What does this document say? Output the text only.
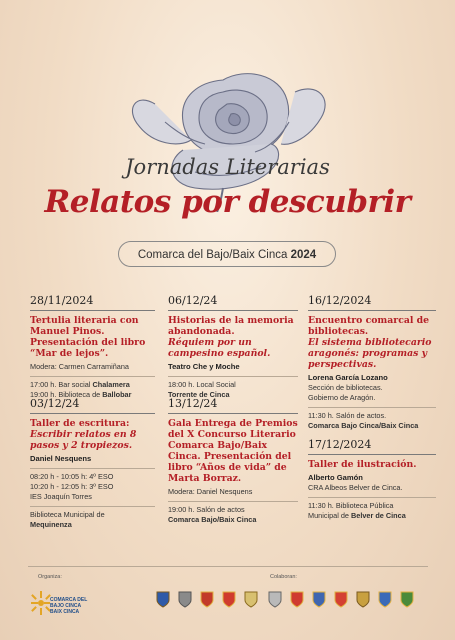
Jornadas Literarias
Relatos por descubrir
Comarca del Bajo/Baix Cinca 2024
28/11/2024
Tertulia literaria con Manuel Pinos. Presentación del libro “Mar de lejos”.
Modera: Carmen Carramiñana
17:00 h. Bar social Chalamera
19:00 h. Biblioteca de Ballobar
03/12/24
Taller de escritura:
Escribir relatos en 8 pasos y 2 tropiezos.
Daniel Nesquens
08:20 h - 10:05 h: 4º ESO
10:20 h - 12:05 h: 3º ESO
IES Joaquín Torres
Biblioteca Municipal de
Mequinenza
06/12/24
Historias de la memoria abandonada.
Réquiem por un campesino español.
Teatro Che y Moche
18:00 h. Local Social
Torrente de Cinca
13/12/24
Gala Entrega de Premios del X Concurso Literario Comarca Bajo/Baix Cinca. Presentación del libro “Años de vida” de Marta Borraz.
Modera: Daniel Nesquens
19:00 h. Salón de actos
Comarca Bajo/Baix Cinca
16/12/2024
Encuentro comarcal de bibliotecas.
El sistema bibliotecario aragonés: programas y perspectivas.
Lorena García Lozano
Sección de bibliotecas.
Gobierno de Aragón.
11:30 h. Salón de actos.
Comarca Bajo Cinca/Baix Cinca
17/12/2024
Taller de ilustración.
Alberto Gamón
CRA Albeos Belver de Cinca.
11:30 h. Biblioteca Pública
Municipal de Belver de Cinca
Organiza:	Colaboran:
COMARCA DEL
BAJO CINCA
BAIX CINCA
